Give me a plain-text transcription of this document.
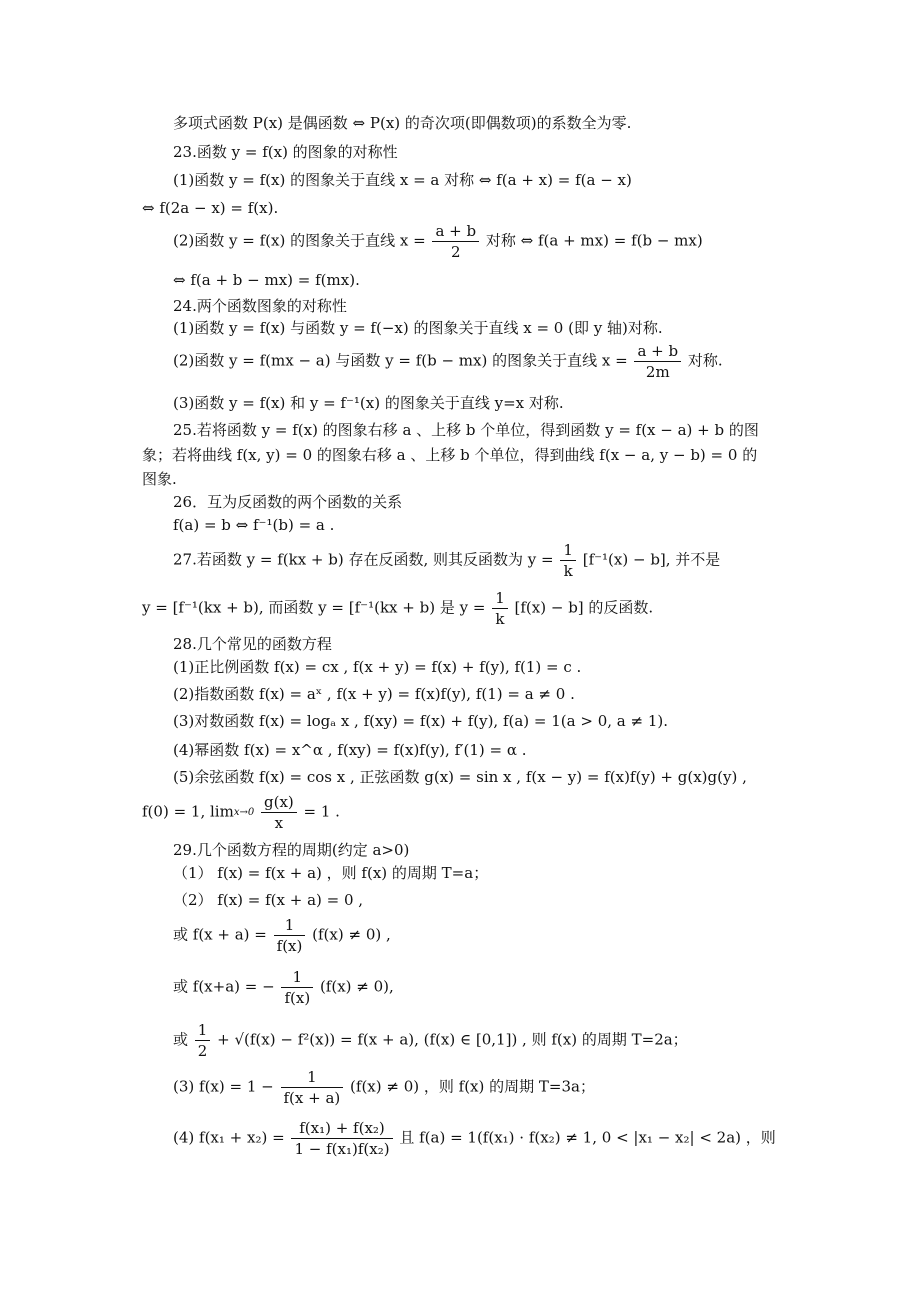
多项式函数 P(x) 是偶函数 ⇔ P(x) 的奇次项(即偶数项)的系数全为零.
23.函数 y = f(x) 的图象的对称性
(1)函数 y = f(x) 的图象关于直线 x = a 对称 ⇔ f(a + x) = f(a − x)
⇔ f(2a − x) = f(x).
(2)函数 y = f(x) 的图象关于直线 $x = \frac{a + b}{2}$ 对称 ⇔ f(a + mx) = f(b − mx)
⇔ f(a + b − mx) = f(mx).
24.两个函数图象的对称性
(1)函数 y = f(x) 与函数 y = f(−x) 的图象关于直线 x = 0 (即 y 轴)对称.
(2)函数 y = f(mx − a) 与函数 y = f(b − mx) 的图象关于直线 $x = \frac{a + b}{2m}$ 对称.
(3)函数 y = f(x) 和 y = f⁻¹(x) 的图象关于直线 y=x 对称.
25.若将函数 y = f(x) 的图象右移 a 、上移 b 个单位，得到函数 y = f(x − a) + b 的图
象；若将曲线 f(x, y) = 0 的图象右移 a 、上移 b 个单位，得到曲线 f(x − a, y − b) = 0 的
图象.
26．互为反函数的两个函数的关系
f(a) = b ⇔ f⁻¹(b) = a .
27.若函数 y = f(kx + b) 存在反函数, 则其反函数为 $y = \frac{1}{k} [f^{-1}(x) - b]$, 并不是
y = [f⁻¹(kx + b), 而函数 y = [f⁻¹(kx + b) 是 $y = \frac{1}{k} [f(x) - b]$ 的反函数.
28.几个常见的函数方程
(1)正比例函数 f(x) = cx , f(x + y) = f(x) + f(y), f(1) = c .
(2)指数函数 f(x) = aˣ , f(x + y) = f(x)f(y), f(1) = a ≠ 0 .
(3)对数函数 f(x) = logₐ x , f(xy) = f(x) + f(y), f(a) = 1(a > 0, a ≠ 1).
(4)幂函数 f(x) = x^α , f(xy) = f(x)f(y), f′(1) = α .
(5)余弦函数 f(x) = cos x , 正弦函数 g(x) = sin x , f(x − y) = f(x)f(y) + g(x)g(y) ,
f(0) = 1, lim x→0
$\frac{g(x)}{x} = 1$ .
29.几个函数方程的周期(约定 a>0)
（1） f(x) = f(x + a) ，则 f(x) 的周期 T=a；
（2） f(x) = f(x + a) = 0 ,
或 $f(x + a) = \frac{1}{f(x)} (f(x) \ne 0)$ ,
或 f(x+a) = − $\frac{1}{f(x)} (f(x) \ne 0)$,
或 $\frac{1}{2} + √(f(x) - f^2(x)) = f(x + a)$, (f(x) ∈ [0,1]) , 则 f(x) 的周期 T=2a；
(3) $f(x) = 1 - \frac{1}{f(x + a)} (f(x) \ne 0)$ ，则 f(x) 的周期 T=3a；
(4) $f(x_1 + x_2) = \frac{\text{f(x₁) + f(x₂)}}{\text{1 − f(x₁)f(x₂)}}$ 且 f(a) = 1(f(x₁) · f(x₂) ≠ 1, 0 < |x₁ − x₂| < 2a) ，则
